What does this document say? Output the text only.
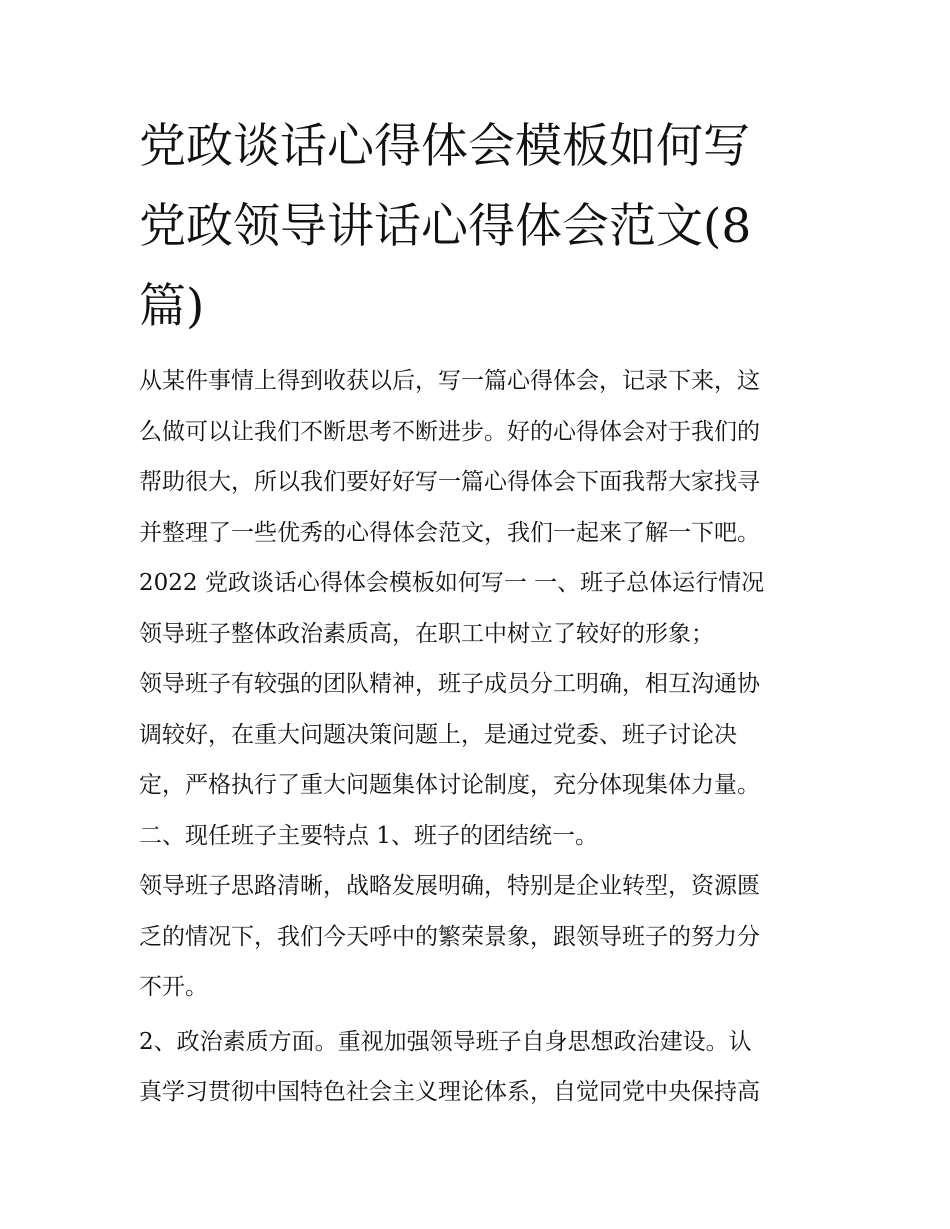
党政谈话心得体会模板如何写
党政领导讲话心得体会范文(8
篇)
从某件事情上得到收获以后，写一篇心得体会，记录下来，这
么做可以让我们不断思考不断进步。好的心得体会对于我们的
帮助很大，所以我们要好好写一篇心得体会下面我帮大家找寻
并整理了一些优秀的心得体会范文，我们一起来了解一下吧。
2022 党政谈话心得体会模板如何写一 一、班子总体运行情况
领导班子整体政治素质高，在职工中树立了较好的形象；
领导班子有较强的团队精神，班子成员分工明确，相互沟通协
调较好，在重大问题决策问题上，是通过党委、班子讨论决
定，严格执行了重大问题集体讨论制度，充分体现集体力量。
二、现任班子主要特点 1、班子的团结统一。
领导班子思路清晰，战略发展明确，特别是企业转型，资源匮
乏的情况下，我们今天呼中的繁荣景象，跟领导班子的努力分
不开。
2、政治素质方面。重视加强领导班子自身思想政治建设。认
真学习贯彻中国特色社会主义理论体系，自觉同党中央保持高
